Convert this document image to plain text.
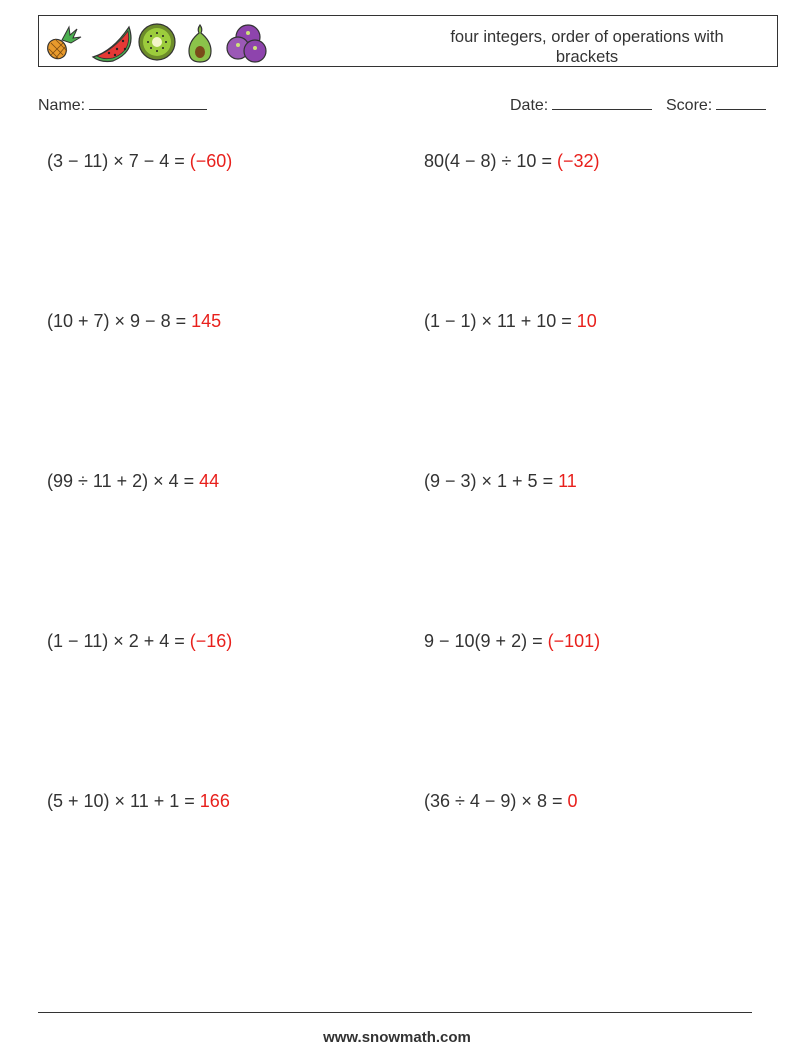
four integers, order of operations with brackets
Name:	Date:	Score:
(3 − 11) × 7 − 4 = (−60)	80(4 − 8) ÷ 10 = (−32)
(10 + 7) × 9 − 8 = 145	(1 − 1) × 11 + 10 = 10
(99 ÷ 11 + 2) × 4 = 44	(9 − 3) × 1 + 5 = 11
(1 − 11) × 2 + 4 = (−16)	9 − 10(9 + 2) = (−101)
(5 + 10) × 11 + 1 = 166	(36 ÷ 4 − 9) × 8 = 0
www.snowmath.com
